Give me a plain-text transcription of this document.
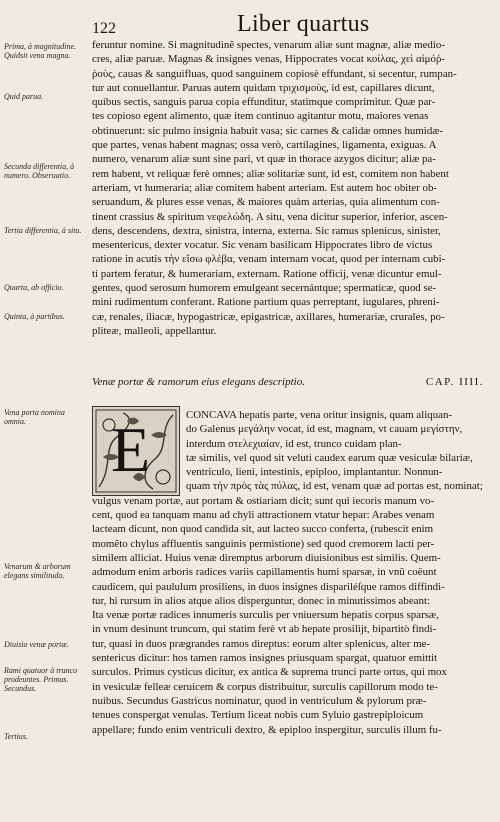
122	Liber quartus
Prima, à magnitudine. Quidsit vena magna.
Quid parua.
Secunda differentia, à numero. Obseruatio.
Tertia differentia, à situ.
Quarta, ab officio.
Quinta, à partibus.
Vena porta nomina omnia.
Venarum & arborum elegans similitudo.
Diuisio venæ portæ.
Rami quatuor à trunco prodeuntes. Primus. Secundus.
Tertius.
feruntur nomine. Si magnitudinẽ spectes, venarum aliæ sunt magnæ, aliæ medio-
cres, aliæ paruæ. Magnas & insignes venas, Hippocrates vocat κοίλας, χεὶ αἱμόῤ-
ῥοὺς, cauas & sanguifluas, quod sanguinem copiosè effundant, si secentur, rumpan-
tur aut conuellantur. Paruas autem quidam τριχισμοὺς, id est, capillares dicunt,
quibus sectis, sanguis parua copia effunditur, statimque comprimitur. Quæ par-
tes copioso egent alimento, quæ item continuo agitantur motu, maiores venas
obtinuerunt: sic pulmo insignia habuit vasa; sic carnes & calidæ omnes humidæ-
que partes, venas habent magnas; ossa verò, cartilagines, ligamenta, exiguas. A
numero, venarum aliæ sunt sine pari, vt quæ in thorace azygos dicitur; aliæ pa-
rem habent, vt reliquæ ferè omnes; aliæ solitariæ sunt, id est, comitem non habent
arteriam, vt humeraria; aliæ comitem habent arteriam. Est autem hoc obiter ob-
seruandum, & plures esse venas, & maiores quàm arterias, quia alimentum con-
tinent crassius & spiritum νεφελώδη. A situ, vena dicitur superior, inferior, ascen-
dens, descendens, dextra, sinistra, interna, externa. Sic ramus splenicus, sinister,
mesentericus, dexter vocatur. Sic venam basilicam Hippocrates libro de victus
ratione in acutis τὴν εἴσω φλέβα, venam internam vocat, quod per internam cubi-
ti partem feratur, & humerariam, externam. Ratione officij, venæ dicuntur emul-
gentes, quod serosum humorem emulgeant secernántque; spermaticæ, quod se-
mini rudimentum conferant. Ratione partium quas perreptant, iugulares, phreni-
cæ, renales, iliacæ, hypogastricæ, epigastricæ, axillares, humerariæ, crurales, po-
pliteæ, malleoli, appellantur.
Venæ portæ & ramorum eius elegans descriptio.	CAP. IIII.
E	CONCAVA hepatis parte, vena oritur insignis, quam aliquan-
do Galenus μεγάλην vocat, id est, magnam, vt cauam μεγίστην,
interdum στελεχιαίαν, id est, trunco cuidam plan-
tæ similis, vel quod sit veluti caudex earum quæ vesiculæ bilariæ,
ventriculo, lieni, intestinis, epiploo, implantantur. Nonnun-
quam τὴν πρὸς τὰς πύλας, id est, venam quæ ad portas est, nominat;
vulgus venam portæ, aut portam & ostiariam dicit; sunt qui iecoris manum vo-
cent, quod ea tanquam manu ad chyli attractionem vtatur hepar: Arabes venam
lacteam dicunt, non quod candida sit, aut lacteo succo conferta, (rubescit enim
momẽto chylus affluentis sanguinis permistione) sed quod cremorem lacti per-
similem alliciat. Huius venæ diremptus arborum diuisionibus est similis. Quem-
admodum enim arboris radices variis capillamentis humi sparsæ, in vnũ coëunt
caudicem, qui paululum prosiliens, in duos insignes dispariléſque ramos diffindi-
tur, hi rursum in alios atque alios disperguntur, donec in minutissimos abeant:
Ita venæ portæ radices innumeris surculis per vniuersum hepatis corpus sparsæ,
in vnum desinunt truncum, qui statim ferè vt ab hepate prosilijt, bipartitò findi-
tur, quasi in duos prægrandes ramos direptus: eorum alter splenicus, alter me-
sentericus dicitur: hos tamen ramos insignes priusquam spargat, quatuor emittit
surculos. Primus cysticus dicitur, ex antica & suprema trunci parte ortus, qui mox
in vesiculæ felleæ ceruicem & corpus distribuitur, surculis capillorum modo te-
nuibus. Secundus Gastricus nominatur, quod in ventriculum & pylorum præ-
tenues conspergat venulas. Tertium liceat nobis cum Syluio gastrepiploicum
appellare; fundo enim ventriculi dextro, & epiploo inspergitur, surculis illum fu-
